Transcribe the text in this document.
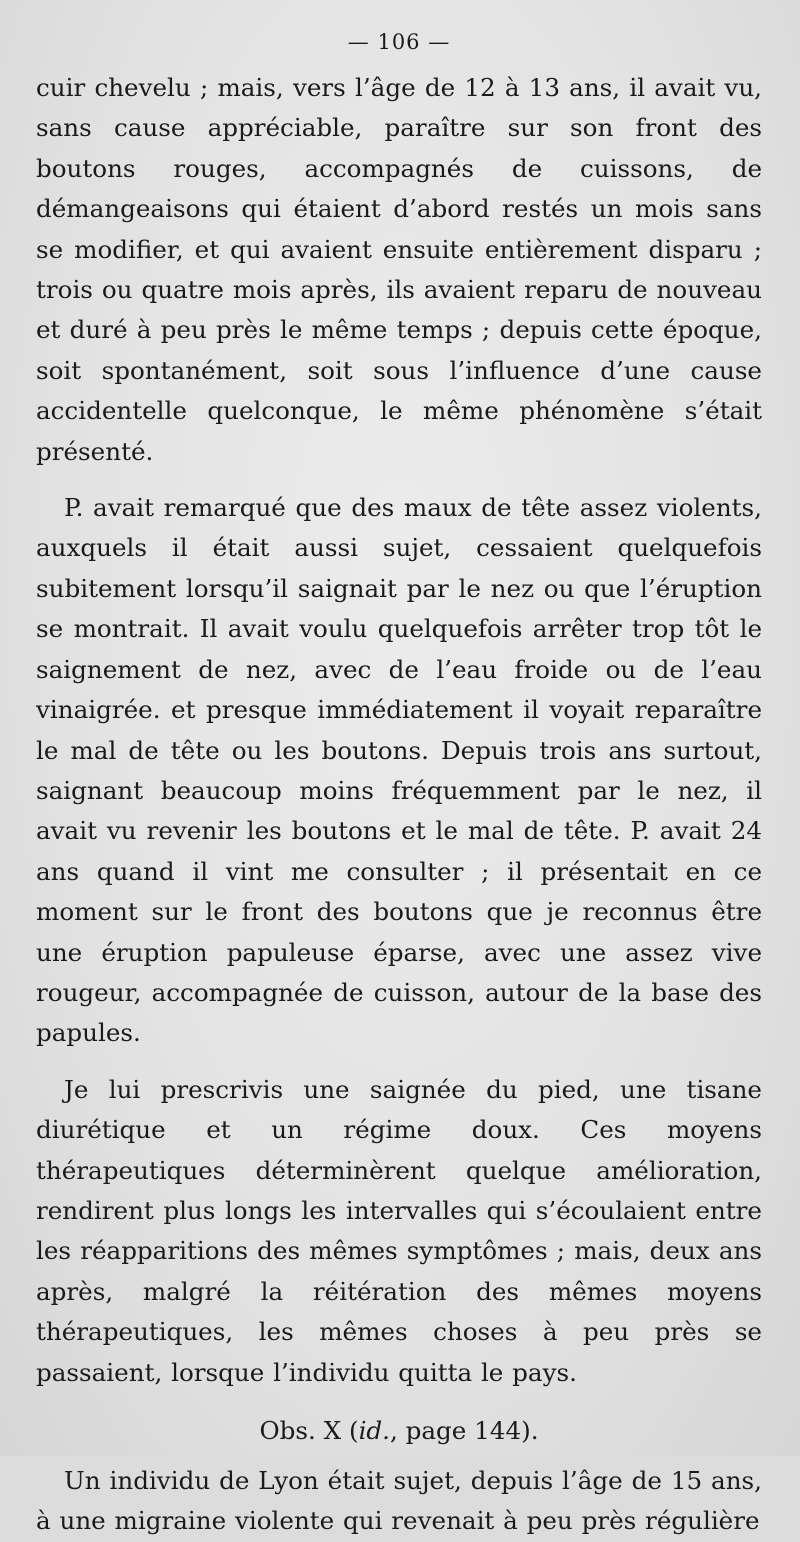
— 106 —

cuir chevelu ; mais, vers l’âge de 12 à 13 ans, il avait vu, sans cause appréciable, paraître sur son front des boutons rouges, accompagnés de cuissons, de démangeaisons qui étaient d’abord restés un mois sans se modifier, et qui avaient ensuite entièrement disparu ; trois ou quatre mois après, ils avaient reparu de nouveau et duré à peu près le même temps ; depuis cette époque, soit spontanément, soit sous l’influence d’une cause accidentelle quelconque, le même phénomène s’était présenté.

P. avait remarqué que des maux de tête assez violents, auxquels il était aussi sujet, cessaient quelquefois subitement lorsqu’il saignait par le nez ou que l’éruption se montrait. Il avait voulu quelquefois arrêter trop tôt le saignement de nez, avec de l’eau froide ou de l’eau vinaigrée. et presque immédiatement il voyait reparaître le mal de tête ou les boutons. Depuis trois ans surtout, saignant beaucoup moins fréquemment par le nez, il avait vu revenir les boutons et le mal de tête. P. avait 24 ans quand il vint me consulter ; il présentait en ce moment sur le front des boutons que je reconnus être une éruption papuleuse éparse, avec une assez vive rougeur, accompagnée de cuisson, autour de la base des papules.

Je lui prescrivis une saignée du pied, une tisane diurétique et un régime doux. Ces moyens thérapeutiques déterminèrent quelque amélioration, rendirent plus longs les intervalles qui s’écoulaient entre les réapparitions des mêmes symptômes ; mais, deux ans après, malgré la réitération des mêmes moyens thérapeutiques, les mêmes choses à peu près se passaient, lorsque l’individu quitta le pays.

Obs. X (id., page 144).

Un individu de Lyon était sujet, depuis l’âge de 15 ans, à une migraine violente qui revenait à peu près régulière
